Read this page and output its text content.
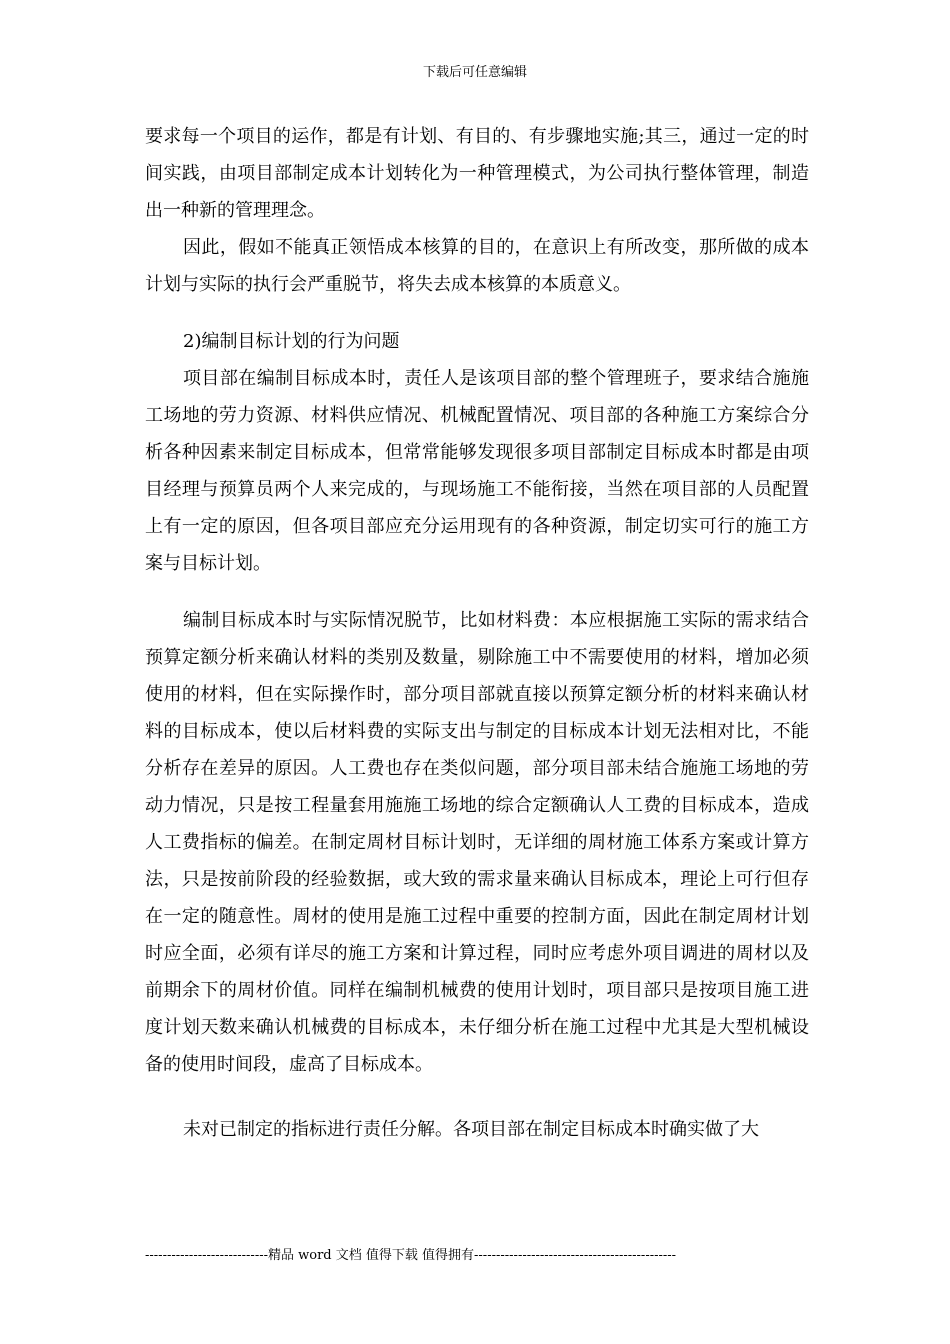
下载后可任意编辑

要求每一个项目的运作，都是有计划、有目的、有步骤地实施;其三，通过一定的时间实践，由项目部制定成本计划转化为一种管理模式，为公司执行整体管理，制造出一种新的管理理念。

因此，假如不能真正领悟成本核算的目的，在意识上有所改变，那所做的成本计划与实际的执行会严重脱节，将失去成本核算的本质意义。

2)编制目标计划的行为问题

项目部在编制目标成本时，责任人是该项目部的整个管理班子，要求结合施施工场地的劳力资源、材料供应情况、机械配置情况、项目部的各种施工方案综合分析各种因素来制定目标成本，但常常能够发现很多项目部制定目标成本时都是由项目经理与预算员两个人来完成的，与现场施工不能衔接，当然在项目部的人员配置上有一定的原因，但各项目部应充分运用现有的各种资源，制定切实可行的施工方案与目标计划。

编制目标成本时与实际情况脱节，比如材料费：本应根据施工实际的需求结合预算定额分析来确认材料的类别及数量，剔除施工中不需要使用的材料，增加必须使用的材料，但在实际操作时，部分项目部就直接以预算定额分析的材料来确认材料的目标成本，使以后材料费的实际支出与制定的目标成本计划无法相对比，不能分析存在差异的原因。人工费也存在类似问题，部分项目部未结合施施工场地的劳动力情况，只是按工程量套用施施工场地的综合定额确认人工费的目标成本，造成人工费指标的偏差。在制定周材目标计划时，无详细的周材施工体系方案或计算方法，只是按前阶段的经验数据，或大致的需求量来确认目标成本，理论上可行但存在一定的随意性。周材的使用是施工过程中重要的控制方面，因此在制定周材计划时应全面，必须有详尽的施工方案和计算过程，同时应考虑外项目调进的周材以及前期余下的周材价值。同样在编制机械费的使用计划时，项目部只是按项目施工进度计划天数来确认机械费的目标成本，未仔细分析在施工过程中尤其是大型机械设备的使用时间段，虚高了目标成本。

未对已制定的指标进行责任分解。各项目部在制定目标成本时确实做了大

----------------------------精品 word 文档 值得下载 值得拥有----------------------------------------------
